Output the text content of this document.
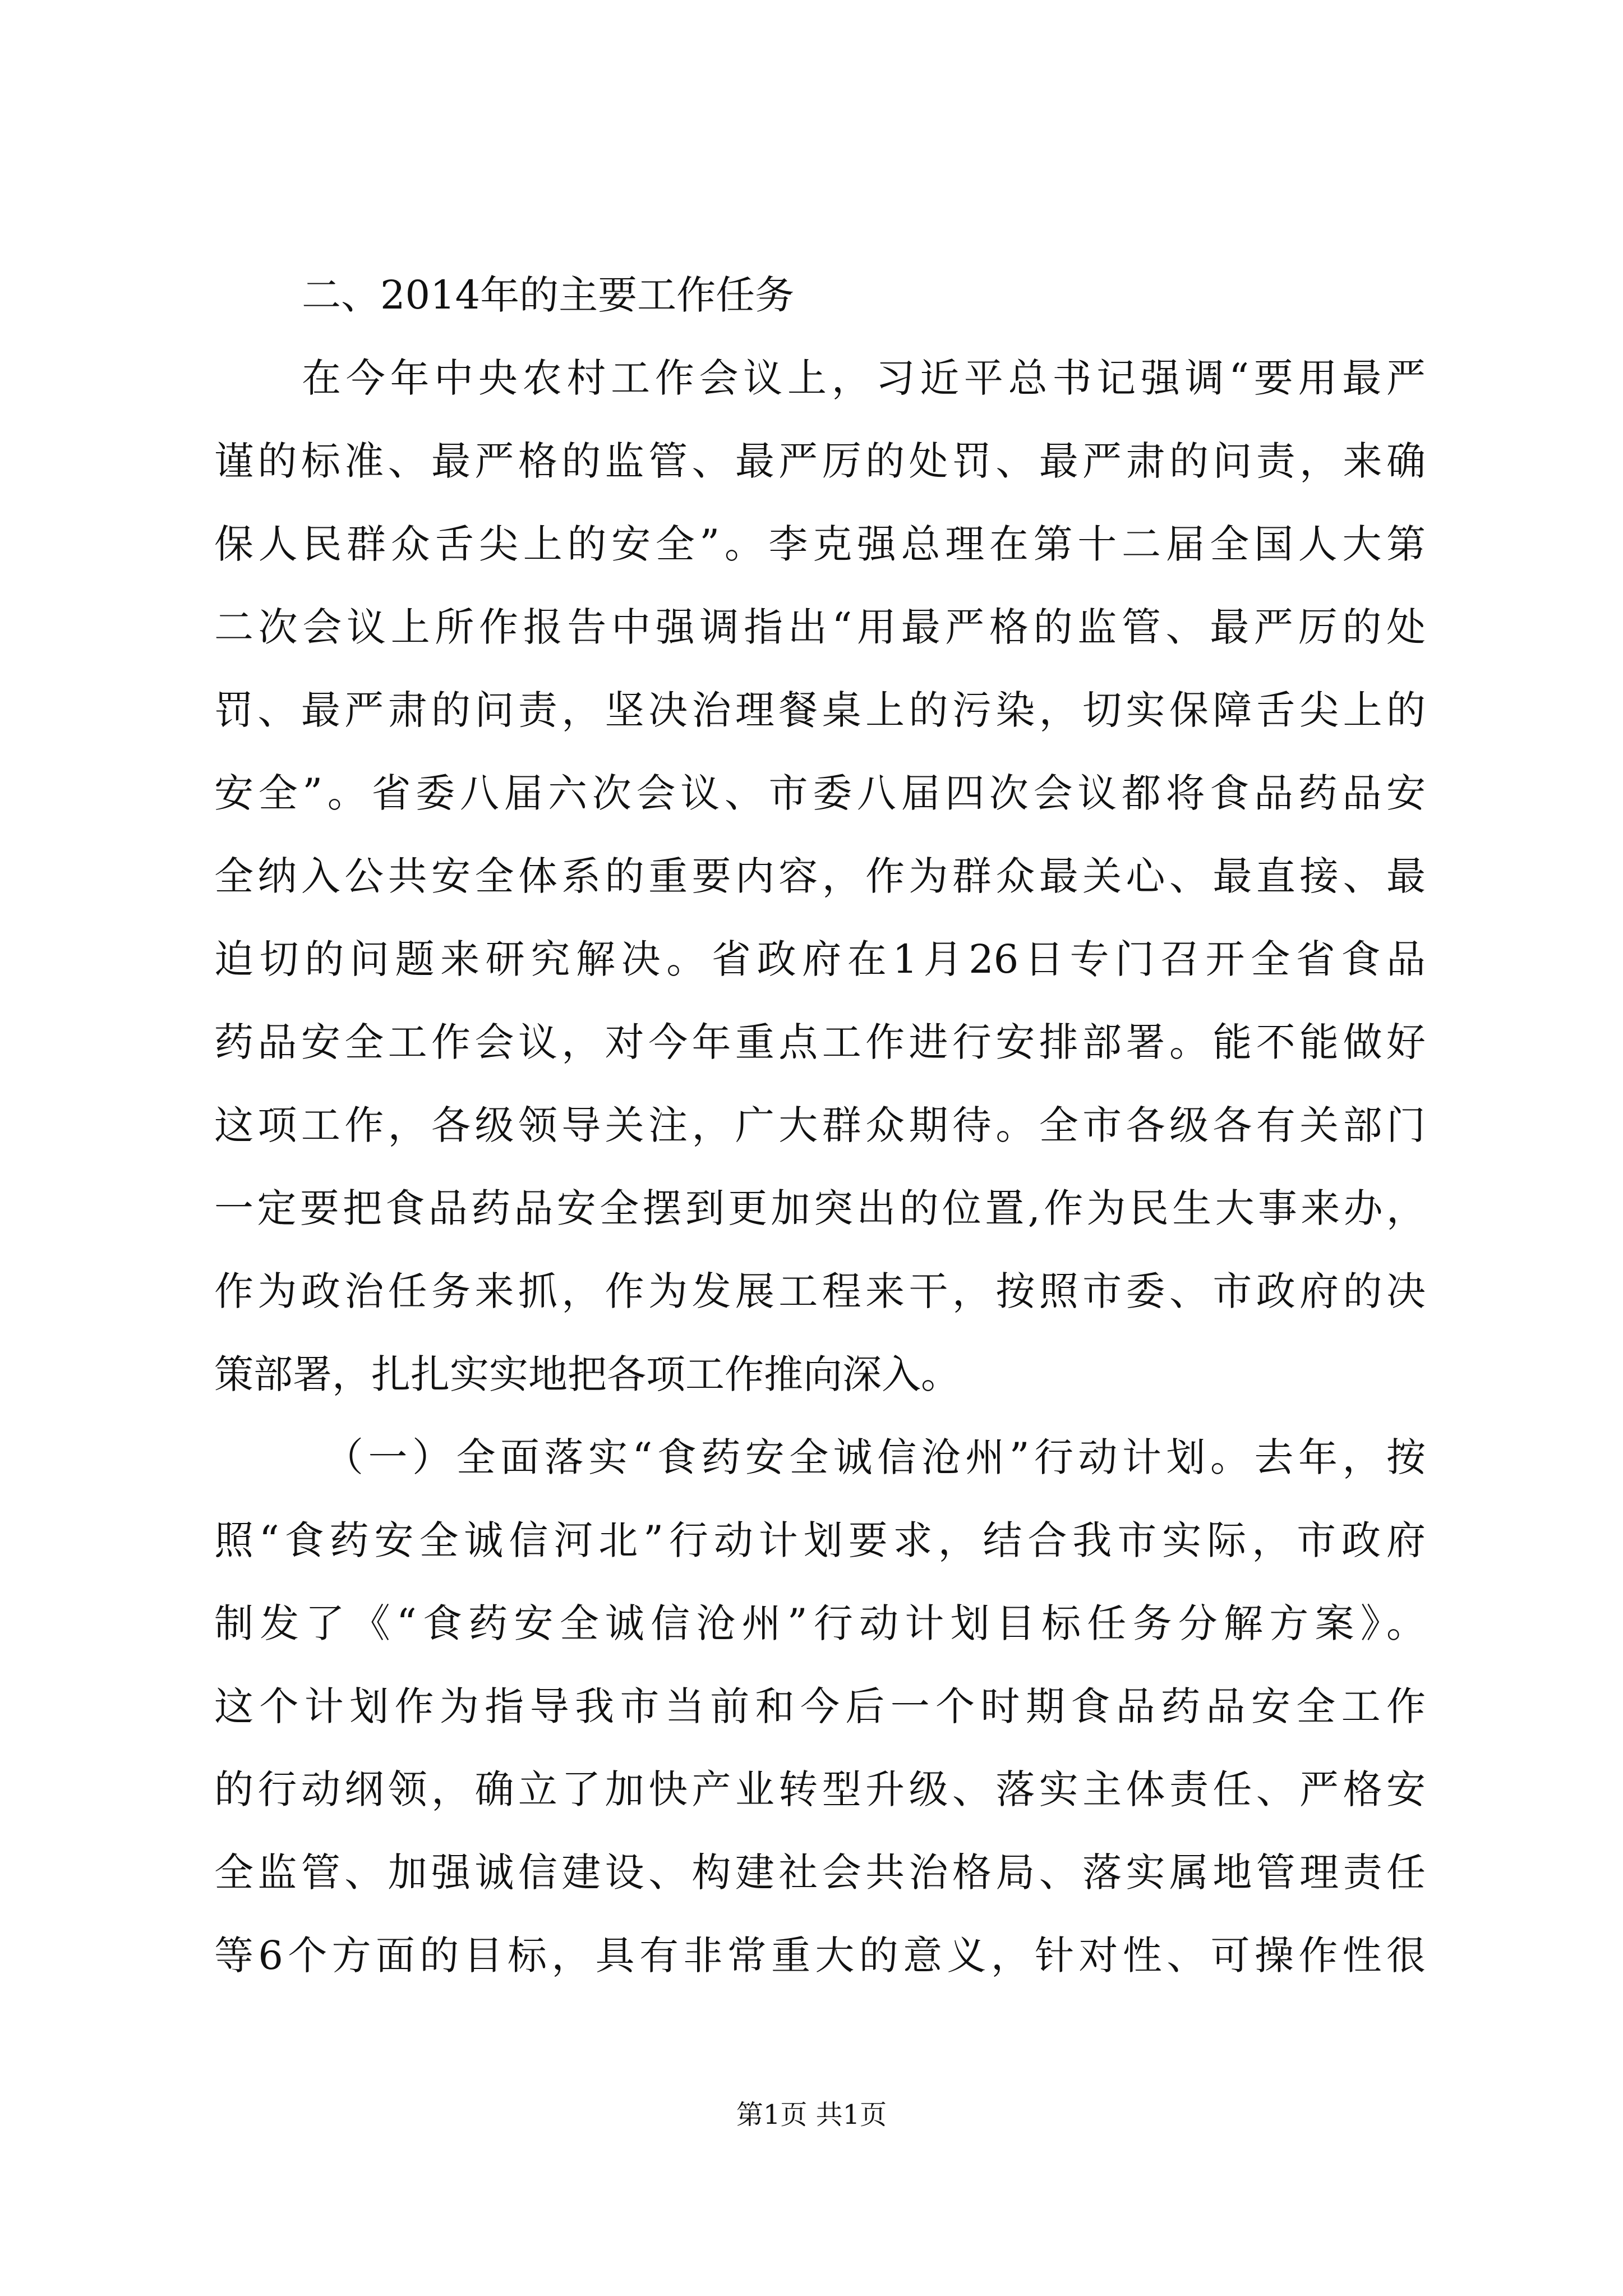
二、2014年的主要工作任务
在今年中央农村工作会议上，习近平总书记强调“要用最严
谨的标准、最严格的监管、最严厉的处罚、最严肃的问责，来确
保人民群众舌尖上的安全”。李克强总理在第十二届全国人大第
二次会议上所作报告中强调指出“用最严格的监管、最严厉的处
罚、最严肃的问责，坚决治理餐桌上的污染，切实保障舌尖上的
安全”。省委八届六次会议、市委八届四次会议都将食品药品安
全纳入公共安全体系的重要内容，作为群众最关心、最直接、最
迫切的问题来研究解决。省政府在1月26日专门召开全省食品
药品安全工作会议，对今年重点工作进行安排部署。能不能做好
这项工作，各级领导关注，广大群众期待。全市各级各有关部门
一定要把食品药品安全摆到更加突出的位置,作为民生大事来办，
作为政治任务来抓，作为发展工程来干，按照市委、市政府的决
策部署，扎扎实实地把各项工作推向深入。
（一）全面落实“食药安全诚信沧州”行动计划。去年，按
照“食药安全诚信河北”行动计划要求，结合我市实际，市政府
制发了《“食药安全诚信沧州”行动计划目标任务分解方案》。
这个计划作为指导我市当前和今后一个时期食品药品安全工作
的行动纲领，确立了加快产业转型升级、落实主体责任、严格安
全监管、加强诚信建设、构建社会共治格局、落实属地管理责任
等6个方面的目标，具有非常重大的意义，针对性、可操作性很
第1页 共1页
